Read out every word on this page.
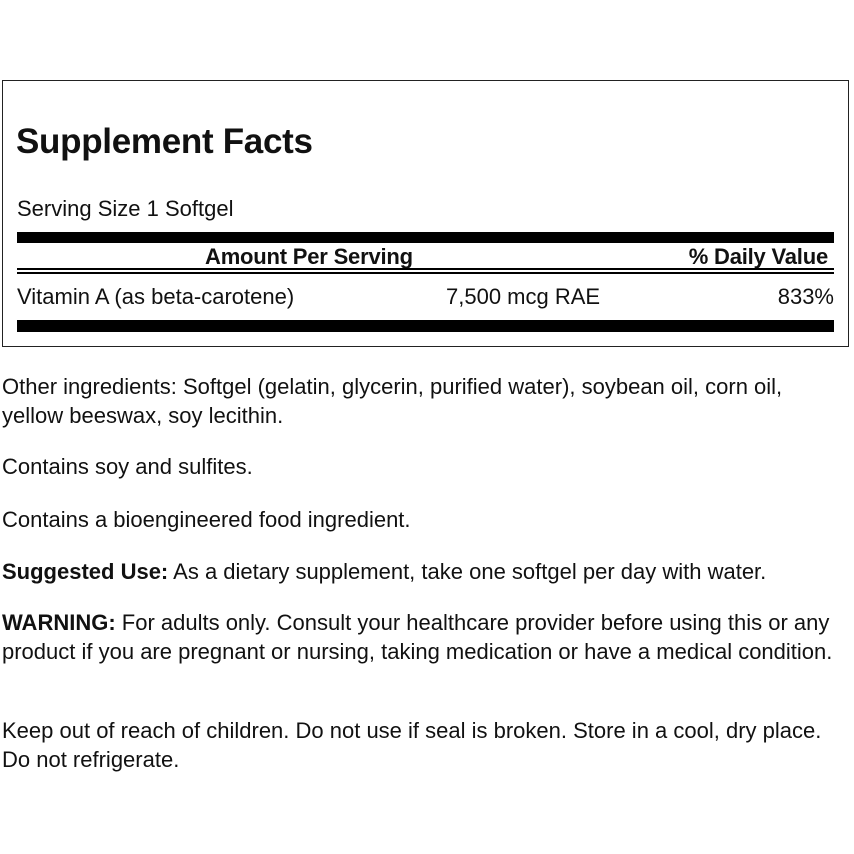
Supplement Facts
Serving Size 1 Softgel
Amount Per Serving	% Daily Value
Vitamin A (as beta-carotene)	7,500 mcg RAE	833%

Other ingredients: Softgel (gelatin, glycerin, purified water), soybean oil, corn oil, yellow beeswax, soy lecithin.

Contains soy and sulfites.

Contains a bioengineered food ingredient.

Suggested Use: As a dietary supplement, take one softgel per day with water.

WARNING: For adults only. Consult your healthcare provider before using this or any product if you are pregnant or nursing, taking medication or have a medical condition.

Keep out of reach of children. Do not use if seal is broken. Store in a cool, dry place. Do not refrigerate.
